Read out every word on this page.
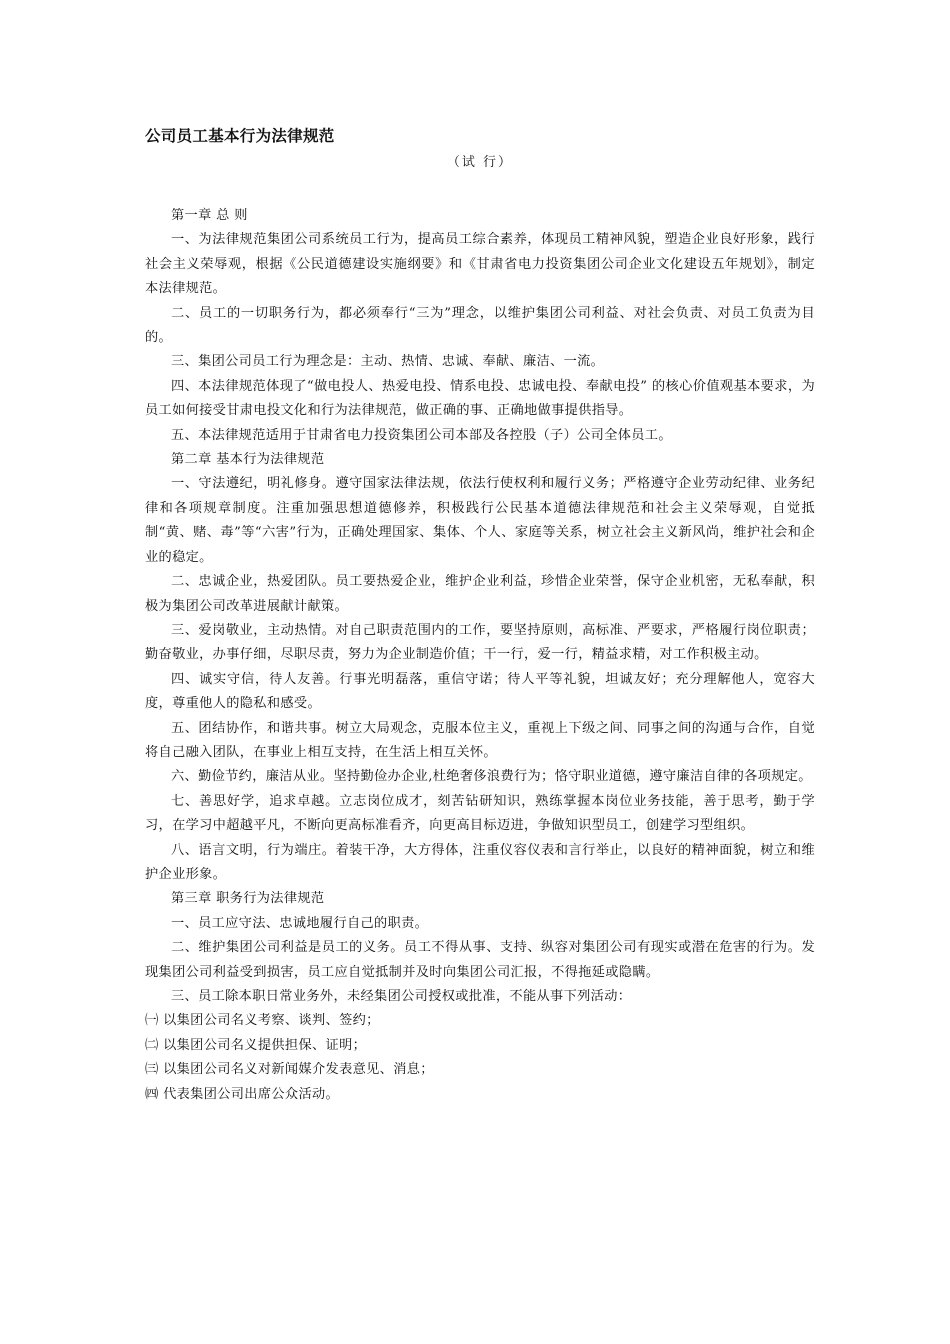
公司员工基本行为法律规范

（试 行）

第一章 总 则

一、为法律规范集团公司系统员工行为，提高员工综合素养，体现员工精神风貌，塑造企业良好形象，践行社会主义荣辱观，根据《公民道德建设实施纲要》和《甘肃省电力投资集团公司企业文化建设五年规划》，制定本法律规范。

二、员工的一切职务行为，都必须奉行“三为”理念，以维护集团公司利益、对社会负责、对员工负责为目的。

三、集团公司员工行为理念是：主动、热情、忠诚、奉献、廉洁、一流。

四、本法律规范体现了“做电投人、热爱电投、情系电投、忠诚电投、奉献电投” 的核心价值观基本要求，为员工如何接受甘肃电投文化和行为法律规范，做正确的事、正确地做事提供指导。

五、本法律规范适用于甘肃省电力投资集团公司本部及各控股（子）公司全体员工。

第二章 基本行为法律规范

一、守法遵纪，明礼修身。遵守国家法律法规，依法行使权利和履行义务；严格遵守企业劳动纪律、业务纪律和各项规章制度。注重加强思想道德修养，积极践行公民基本道德法律规范和社会主义荣辱观，自觉抵制“黄、赌、毒”等“六害”行为，正确处理国家、集体、个人、家庭等关系，树立社会主义新风尚，维护社会和企业的稳定。

二、忠诚企业，热爱团队。员工要热爱企业，维护企业利益，珍惜企业荣誉，保守企业机密，无私奉献，积极为集团公司改革进展献计献策。

三、爱岗敬业，主动热情。对自己职责范围内的工作，要坚持原则，高标准、严要求，严格履行岗位职责；勤奋敬业，办事仔细，尽职尽责，努力为企业制造价值；干一行，爱一行，精益求精，对工作积极主动。

四、诚实守信，待人友善。行事光明磊落，重信守诺；待人平等礼貌，坦诚友好；充分理解他人，宽容大度，尊重他人的隐私和感受。

五、团结协作，和谐共事。树立大局观念，克服本位主义，重视上下级之间、同事之间的沟通与合作，自觉将自己融入团队，在事业上相互支持，在生活上相互关怀。

六、勤俭节约，廉洁从业。坚持勤俭办企业,杜绝奢侈浪费行为；恪守职业道德，遵守廉洁自律的各项规定。

七、善思好学，追求卓越。立志岗位成才，刻苦钻研知识，熟练掌握本岗位业务技能，善于思考，勤于学习，在学习中超越平凡，不断向更高标准看齐，向更高目标迈进，争做知识型员工，创建学习型组织。

八、语言文明，行为端庄。着装干净，大方得体，注重仪容仪表和言行举止，以良好的精神面貌，树立和维护企业形象。

第三章 职务行为法律规范

一、员工应守法、忠诚地履行自己的职责。

二、维护集团公司利益是员工的义务。员工不得从事、支持、纵容对集团公司有现实或潜在危害的行为。发现集团公司利益受到损害，员工应自觉抵制并及时向集团公司汇报，不得拖延或隐瞒。

三、员工除本职日常业务外，未经集团公司授权或批准，不能从事下列活动：

㈠ 以集团公司名义考察、谈判、签约；

㈡ 以集团公司名义提供担保、证明；

㈢ 以集团公司名义对新闻媒介发表意见、消息；

㈣ 代表集团公司出席公众活动。
